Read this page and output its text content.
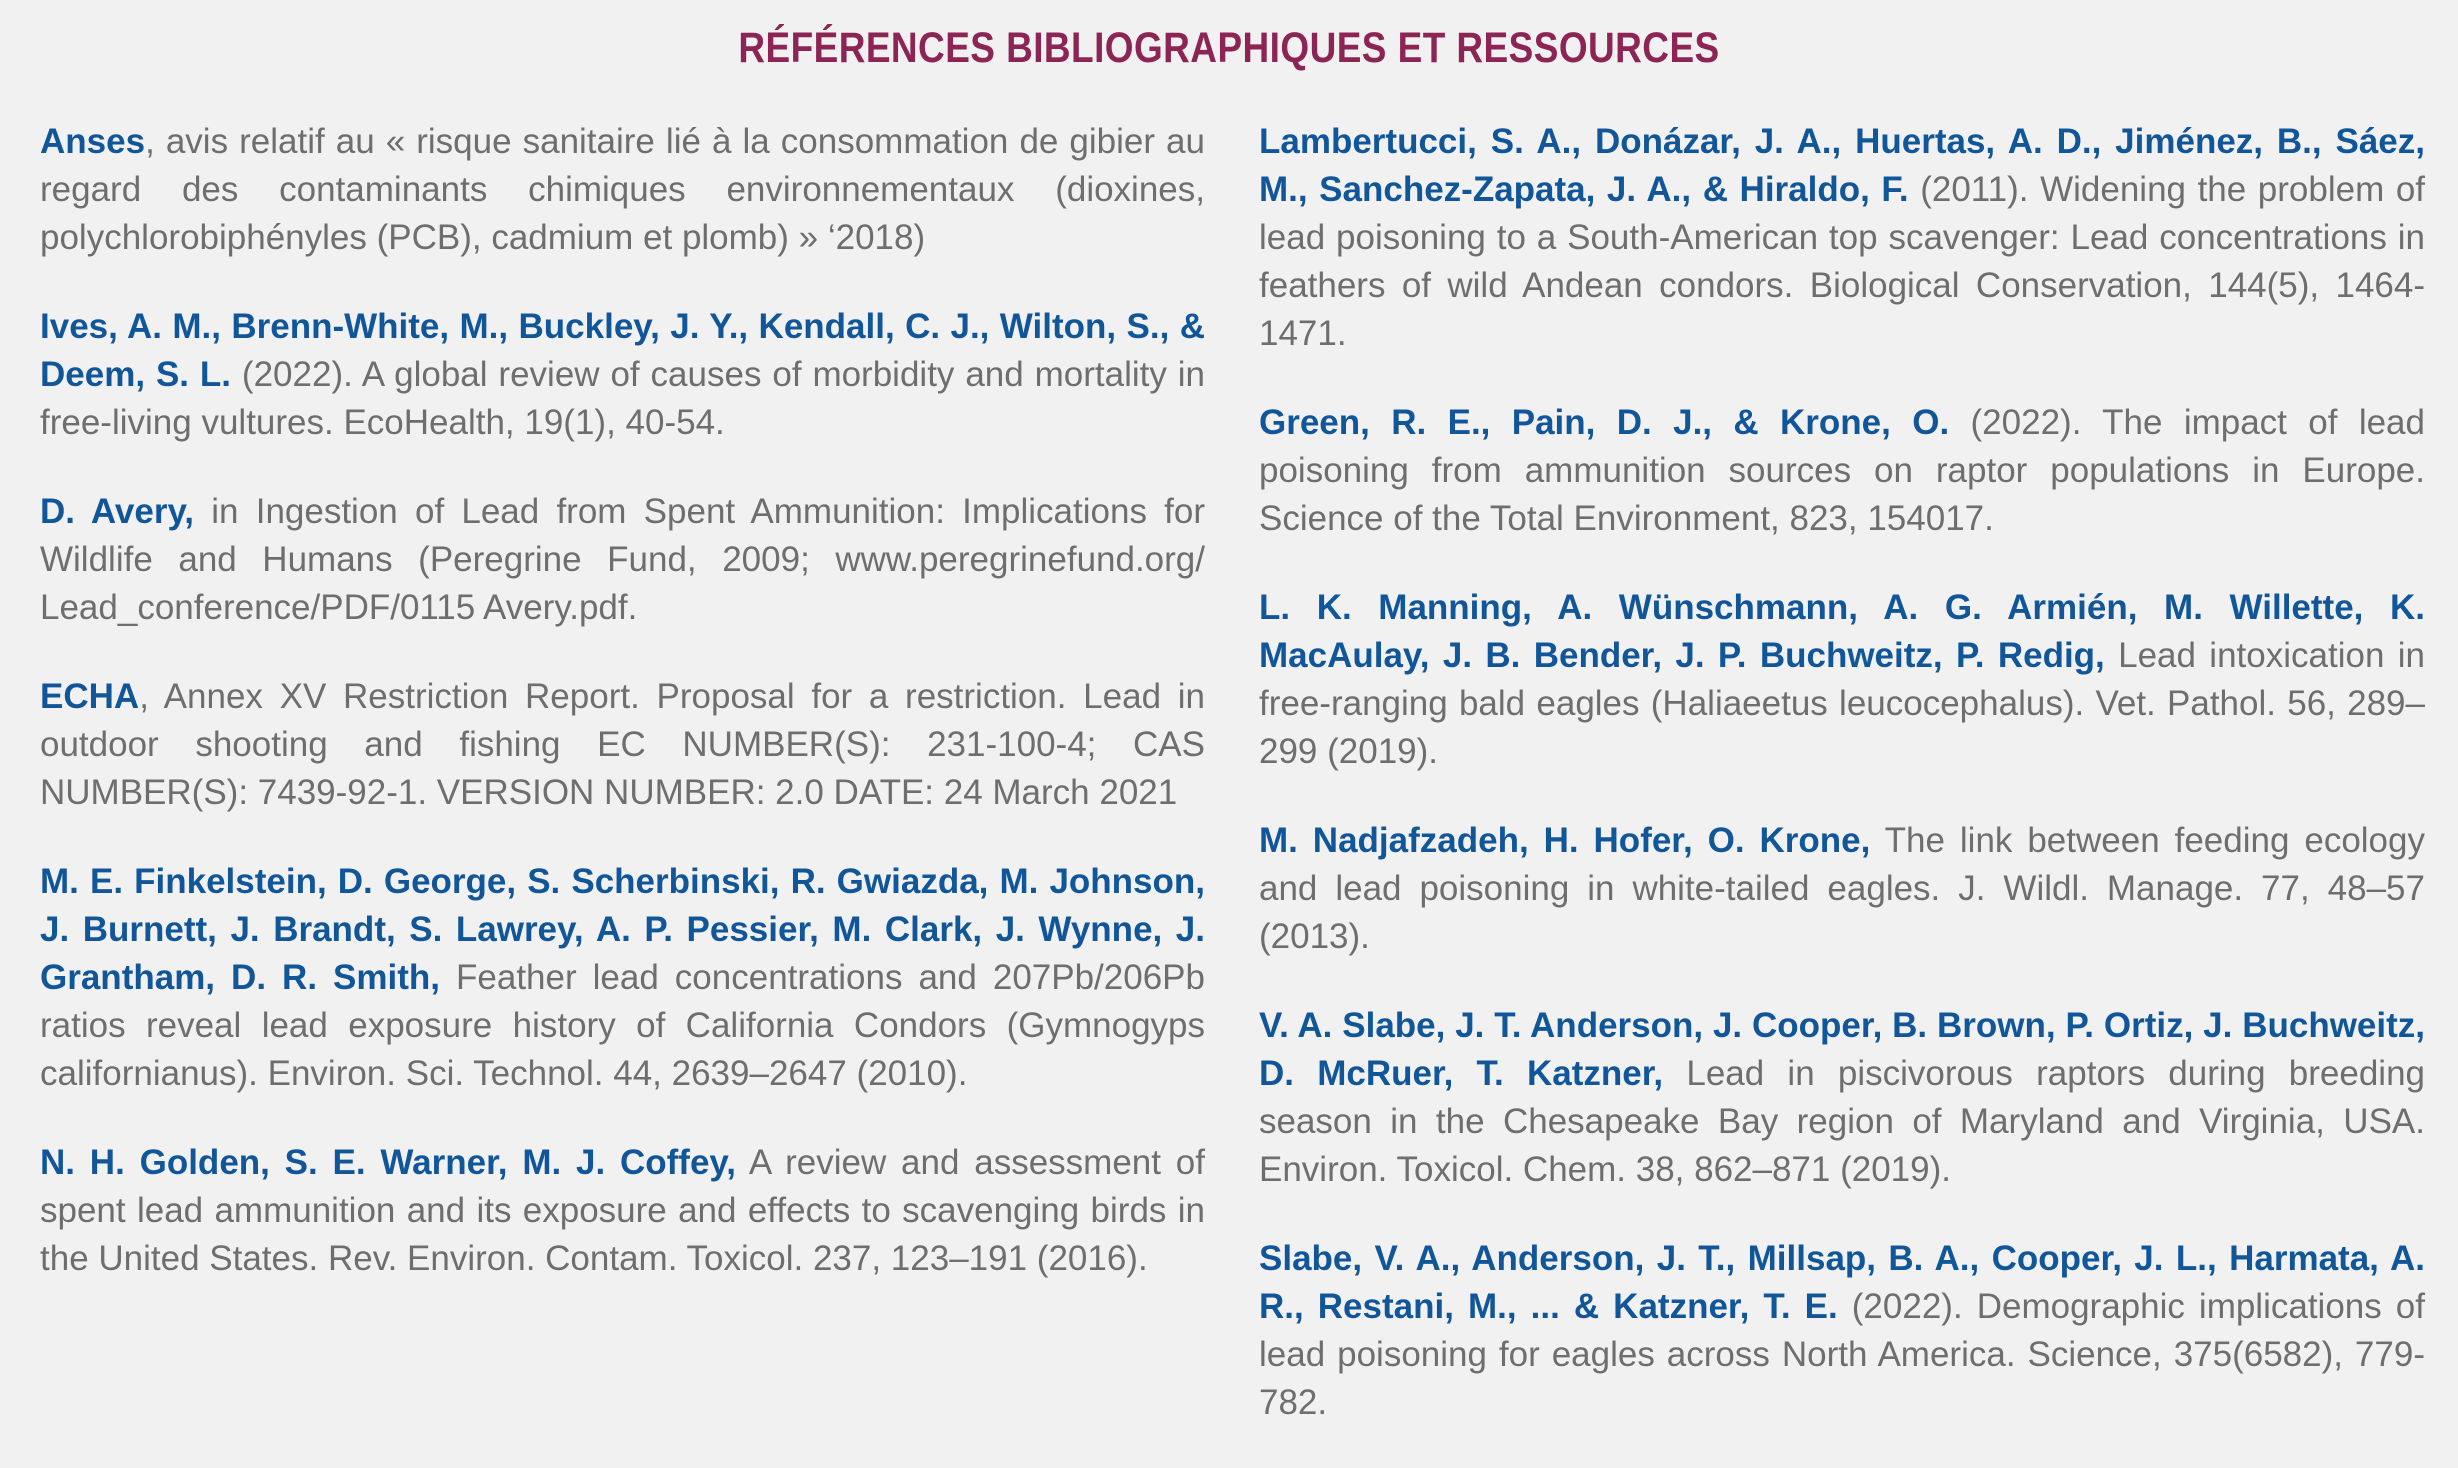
RÉFÉRENCES BIBLIOGRAPHIQUES ET RESSOURCES

Anses, avis relatif au « risque sanitaire lié à la consommation de gibier au regard des contaminants chimiques environnementaux (dioxines, polychlorobiphényles (PCB), cadmium et plomb) » ‘2018)

Ives, A. M., Brenn-White, M., Buckley, J. Y., Kendall, C. J., Wilton, S., & Deem, S. L. (2022). A global review of causes of morbidity and mortality in free-living vultures. EcoHealth, 19(1), 40-54.

D. Avery, in Ingestion of Lead from Spent Ammunition: Implications for Wildlife and Humans (Peregrine Fund, 2009; www.peregrinefund.org/ Lead_conference/PDF/0115 Avery.pdf.

ECHA, Annex XV Restriction Report. Proposal for a restriction. Lead in outdoor shooting and fishing EC NUMBER(S): 231-100-4; CAS NUMBER(S): 7439-92-1. VERSION NUMBER: 2.0 DATE: 24 March 2021

M. E. Finkelstein, D. George, S. Scherbinski, R. Gwiazda, M. Johnson, J. Burnett, J. Brandt, S. Lawrey, A. P. Pessier, M. Clark, J. Wynne, J. Grantham, D. R. Smith, Feather lead concentrations and 207Pb/206Pb ratios reveal lead exposure history of California Condors (Gymnogyps californianus). Environ. Sci. Technol. 44, 2639–2647 (2010).

N. H. Golden, S. E. Warner, M. J. Coffey, A review and assessment of spent lead ammunition and its exposure and effects to scavenging birds in the United States. Rev. Environ. Contam. Toxicol. 237, 123–191 (2016).

Lambertucci, S. A., Donázar, J. A., Huertas, A. D., Jiménez, B., Sáez, M., Sanchez-Zapata, J. A., & Hiraldo, F. (2011). Widening the problem of lead poisoning to a South-American top scavenger: Lead concentrations in feathers of wild Andean condors. Biological Conservation, 144(5), 1464-1471.

Green, R. E., Pain, D. J., & Krone, O. (2022). The impact of lead poisoning from ammunition sources on raptor populations in Europe. Science of the Total Environment, 823, 154017.

L. K. Manning, A. Wünschmann, A. G. Armién, M. Willette, K. MacAulay, J. B. Bender, J. P. Buchweitz, P. Redig, Lead intoxication in free-ranging bald eagles (Haliaeetus leucocephalus). Vet. Pathol. 56, 289–299 (2019).

M. Nadjafzadeh, H. Hofer, O. Krone, The link between feeding ecology and lead poisoning in white-tailed eagles. J. Wildl. Manage. 77, 48–57 (2013).

V. A. Slabe, J. T. Anderson, J. Cooper, B. Brown, P. Ortiz, J. Buchweitz, D. McRuer, T. Katzner, Lead in piscivorous raptors during breeding season in the Chesapeake Bay region of Maryland and Virginia, USA. Environ. Toxicol. Chem. 38, 862–871 (2019).

Slabe, V. A., Anderson, J. T., Millsap, B. A., Cooper, J. L., Harmata, A. R., Restani, M., ... & Katzner, T. E. (2022). Demographic implications of lead poisoning for eagles across North America. Science, 375(6582), 779-782.
